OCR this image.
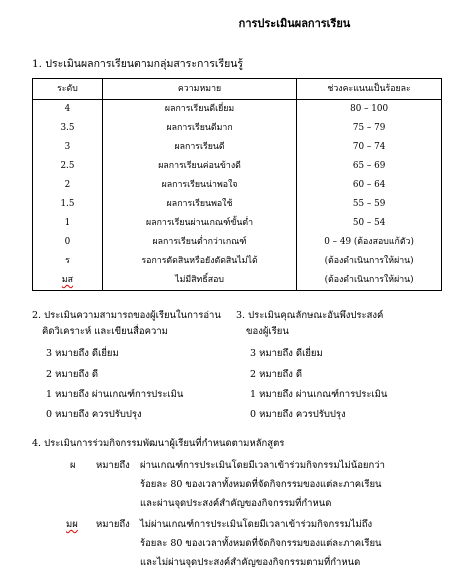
การประเมินผลการเรียน
1. ประเมินผลการเรียนตามกลุ่มสาระการเรียนรู้
ระดับ	ความหมาย	ช่วงคะแนนเป็นร้อยละ
4	ผลการเรียนดีเยี่ยม	80 – 100
3.5	ผลการเรียนดีมาก	75 – 79
3	ผลการเรียนดี	70 – 74
2.5	ผลการเรียนค่อนข้างดี	65 – 69
2	ผลการเรียนน่าพอใจ	60 – 64
1.5	ผลการเรียนพอใช้	55 – 59
1	ผลการเรียนผ่านเกณฑ์ขั้นต่ำ	50 – 54
0	ผลการเรียนต่ำกว่าเกณฑ์	0 – 49 (ต้องสอบแก้ตัว)
ร	รอการตัดสินหรือยังตัดสินไม่ได้	(ต้องดำเนินการให้ผ่าน)
มส	ไม่มีสิทธิ์สอบ	(ต้องดำเนินการให้ผ่าน)
2. ประเมินความสามารถของผู้เรียนในการอ่าน
คิดวิเคราะห์ และเขียนสื่อความ
3 หมายถึง ดีเยี่ยม
2 หมายถึง ดี
1 หมายถึง ผ่านเกณฑ์การประเมิน
0 หมายถึง ควรปรับปรุง
3. ประเมินคุณลักษณะอันพึงประสงค์
ของผู้เรียน
3 หมายถึง ดีเยี่ยม
2 หมายถึง ดี
1 หมายถึง ผ่านเกณฑ์การประเมิน
0 หมายถึง ควรปรับปรุง
4. ประเมินการร่วมกิจกรรมพัฒนาผู้เรียนที่กำหนดตามหลักสูตร
ผ หมายถึง ผ่านเกณฑ์การประเมินโดยมีเวลาเข้าร่วมกิจกรรมไม่น้อยกว่า
ร้อยละ 80 ของเวลาทั้งหมดที่จัดกิจกรรมของแต่ละภาคเรียน
และผ่านจุดประสงค์สำคัญของกิจกรรมที่กำหนด
มผ หมายถึง ไม่ผ่านเกณฑ์การประเมินโดยมีเวลาเข้าร่วมกิจกรรมไม่ถึง
ร้อยละ 80 ของเวลาทั้งหมดที่จัดกิจกรรมของแต่ละภาคเรียน
และไม่ผ่านจุดประสงค์สำคัญของกิจกรรมตามที่กำหนด
